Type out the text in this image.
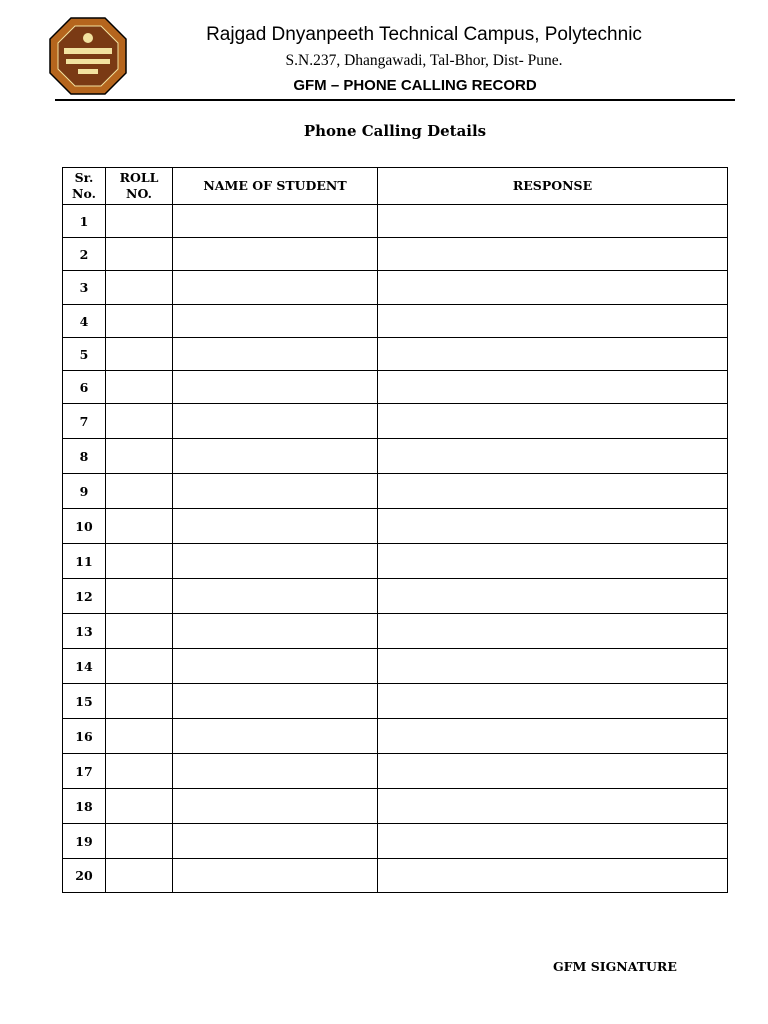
Rajgad Dnyanpeeth Technical Campus, Polytechnic
S.N.237, Dhangawadi, Tal-Bhor, Dist- Pune.
GFM – PHONE CALLING RECORD
Phone Calling Details
Sr. No.	ROLL NO.	NAME OF STUDENT	RESPONSE
1			
2			
3			
4			
5			
6			
7			
8			
9			
10			
11			
12			
13			
14			
15			
16			
17			
18			
19			
20			
GFM SIGNATURE
